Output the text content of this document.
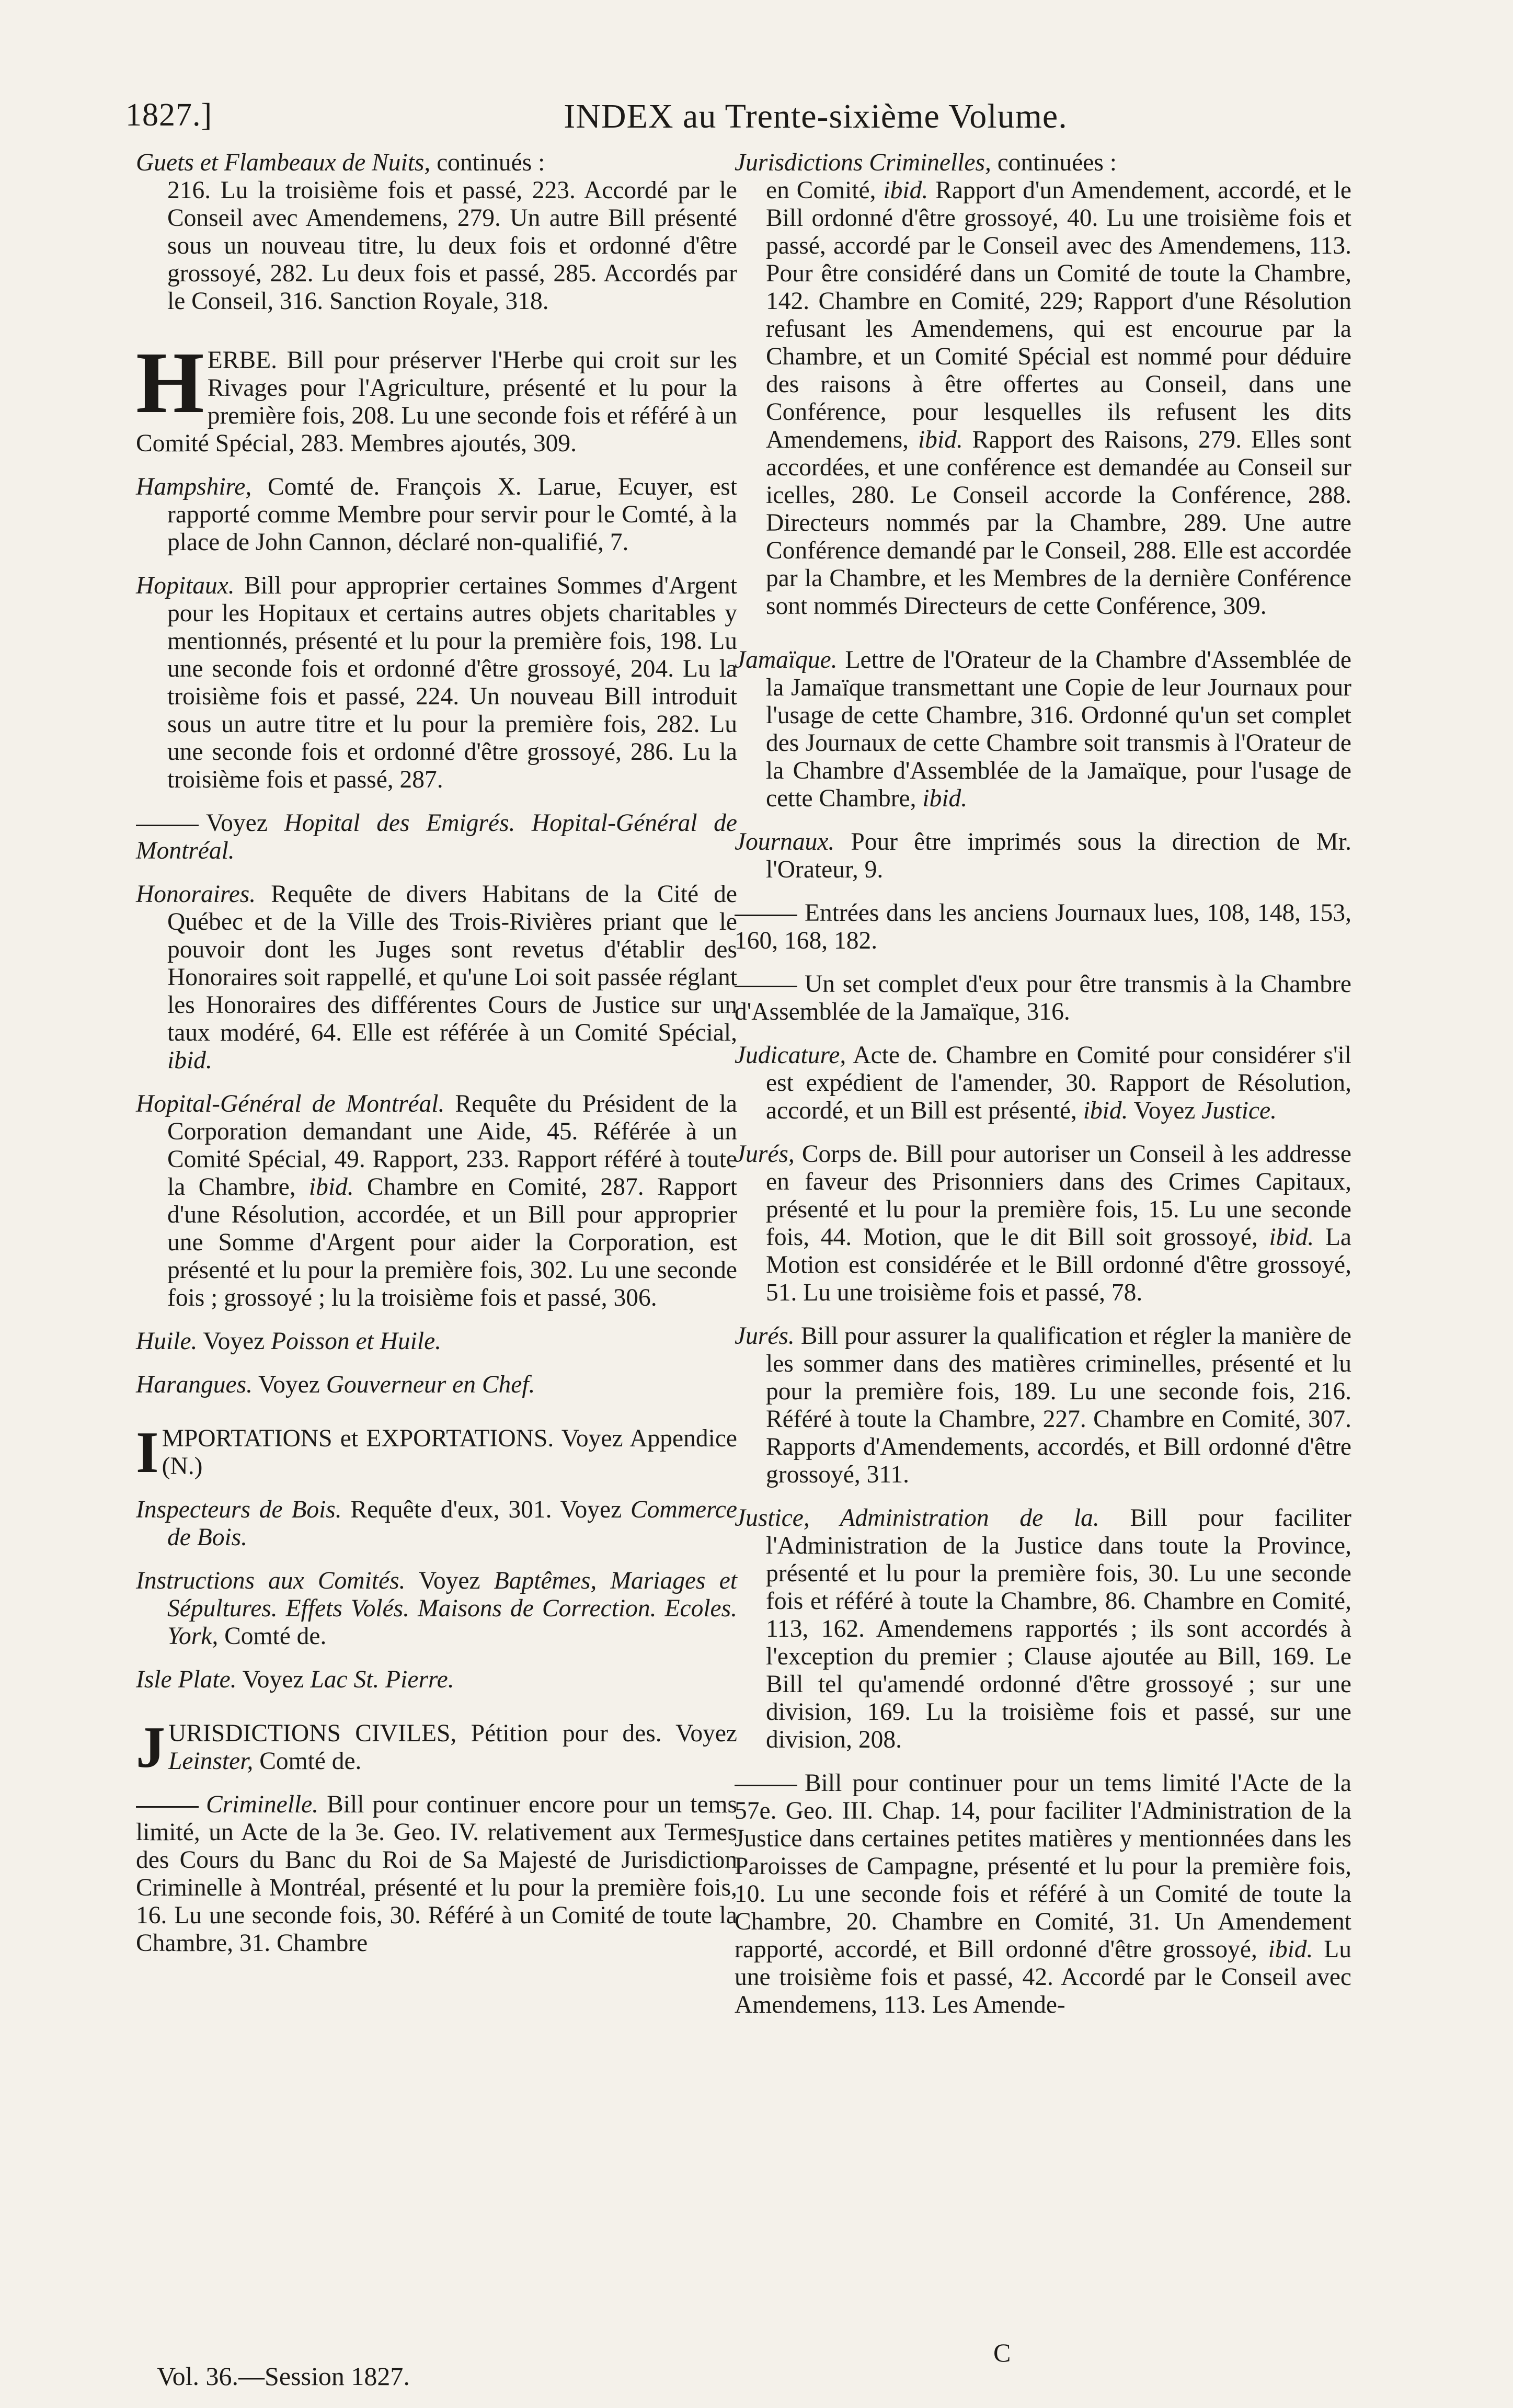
1827.]	INDEX au Trente-sixième Volume.

Guets et Flambeaux de Nuits, continués :
216. Lu la troisième fois et passé, 223. Accordé par le Conseil avec Amendemens, 279. Un autre Bill présenté sous un nouveau titre, lu deux fois et ordonné d'être grossoyé, 282. Lu deux fois et passé, 285. Accordés par le Conseil, 316. Sanction Royale, 318.

HERBE. Bill pour préserver l'Herbe qui croit sur les Rivages pour l'Agriculture, présenté et lu pour la première fois, 208. Lu une seconde fois et référé à un Comité Spécial, 283. Membres ajoutés, 309.

Hampshire, Comté de. François X. Larue, Ecuyer, est rapporté comme Membre pour servir pour le Comté, à la place de John Cannon, déclaré non-qualifié, 7.

Hopitaux. Bill pour approprier certaines Sommes d'Argent pour les Hopitaux et certains autres objets charitables y mentionnés, présenté et lu pour la première fois, 198. Lu une seconde fois et ordonné d'être grossoyé, 204. Lu la troisième fois et passé, 224. Un nouveau Bill introduit sous un autre titre et lu pour la première fois, 282. Lu une seconde fois et ordonné d'être grossoyé, 286. Lu la troisième fois et passé, 287.

Voyez Hopital des Emigrés. Hopital-Général de Montréal.

Honoraires. Requête de divers Habitans de la Cité de Québec et de la Ville des Trois-Rivières priant que le pouvoir dont les Juges sont revetus d'établir des Honoraires soit rappellé, et qu'une Loi soit passée réglant les Honoraires des différentes Cours de Justice sur un taux modéré, 64. Elle est référée à un Comité Spécial, ibid.

Hopital-Général de Montréal. Requête du Président de la Corporation demandant une Aide, 45. Référée à un Comité Spécial, 49. Rapport, 233. Rapport référé à toute la Chambre, ibid. Chambre en Comité, 287. Rapport d'une Résolution, accordée, et un Bill pour approprier une Somme d'Argent pour aider la Corporation, est présenté et lu pour la première fois, 302. Lu une seconde fois ; grossoyé ; lu la troisième fois et passé, 306.

Huile. Voyez Poisson et Huile.

Harangues. Voyez Gouverneur en Chef.

IMPORTATIONS et EXPORTATIONS. Voyez Appendice (N.)

Inspecteurs de Bois. Requête d'eux, 301. Voyez Commerce de Bois.

Instructions aux Comités. Voyez Baptêmes, Mariages et Sépultures. Effets Volés. Maisons de Correction. Ecoles. York, Comté de.

Isle Plate. Voyez Lac St. Pierre.

JURISDICTIONS CIVILES, Pétition pour des. Voyez Leinster, Comté de.

Criminelle. Bill pour continuer encore pour un tems limité, un Acte de la 3e. Geo. IV. relativement aux Termes des Cours du Banc du Roi de Sa Majesté de Jurisdiction Criminelle à Montréal, présenté et lu pour la première fois, 16. Lu une seconde fois, 30. Référé à un Comité de toute la Chambre, 31. Chambre

Jurisdictions Criminelles, continuées :
en Comité, ibid. Rapport d'un Amendement, accordé, et le Bill ordonné d'être grossoyé, 40. Lu une troisième fois et passé, accordé par le Conseil avec des Amendemens, 113. Pour être considéré dans un Comité de toute la Chambre, 142. Chambre en Comité, 229; Rapport d'une Résolution refusant les Amendemens, qui est encourue par la Chambre, et un Comité Spécial est nommé pour déduire des raisons à être offertes au Conseil, dans une Conférence, pour lesquelles ils refusent les dits Amendemens, ibid. Rapport des Raisons, 279. Elles sont accordées, et une conférence est demandée au Conseil sur icelles, 280. Le Conseil accorde la Conférence, 288. Directeurs nommés par la Chambre, 289. Une autre Conférence demandé par le Conseil, 288. Elle est accordée par la Chambre, et les Membres de la dernière Conférence sont nommés Directeurs de cette Conférence, 309.

Jamaïque. Lettre de l'Orateur de la Chambre d'Assemblée de la Jamaïque transmettant une Copie de leur Journaux pour l'usage de cette Chambre, 316. Ordonné qu'un set complet des Journaux de cette Chambre soit transmis à l'Orateur de la Chambre d'Assemblée de la Jamaïque, pour l'usage de cette Chambre, ibid.

Journaux. Pour être imprimés sous la direction de Mr. l'Orateur, 9.

Entrées dans les anciens Journaux lues, 108, 148, 153, 160, 168, 182.

Un set complet d'eux pour être transmis à la Chambre d'Assemblée de la Jamaïque, 316.

Judicature, Acte de. Chambre en Comité pour considérer s'il est expédient de l'amender, 30. Rapport de Résolution, accordé, et un Bill est présenté, ibid. Voyez Justice.

Jurés, Corps de. Bill pour autoriser un Conseil à les addresse en faveur des Prisonniers dans des Crimes Capitaux, présenté et lu pour la première fois, 15. Lu une seconde fois, 44. Motion, que le dit Bill soit grossoyé, ibid. La Motion est considérée et le Bill ordonné d'être grossoyé, 51. Lu une troisième fois et passé, 78.

Jurés. Bill pour assurer la qualification et régler la manière de les sommer dans des matières criminelles, présenté et lu pour la première fois, 189. Lu une seconde fois, 216. Référé à toute la Chambre, 227. Chambre en Comité, 307. Rapports d'Amendements, accordés, et Bill ordonné d'être grossoyé, 311.

Justice, Administration de la. Bill pour faciliter l'Administration de la Justice dans toute la Province, présenté et lu pour la première fois, 30. Lu une seconde fois et référé à toute la Chambre, 86. Chambre en Comité, 113, 162. Amendemens rapportés ; ils sont accordés à l'exception du premier ; Clause ajoutée au Bill, 169. Le Bill tel qu'amendé ordonné d'être grossoyé ; sur une division, 169. Lu la troisième fois et passé, sur une division, 208.

Bill pour continuer pour un tems limité l'Acte de la 57e. Geo. III. Chap. 14, pour faciliter l'Administration de la Justice dans certaines petites matières y mentionnées dans les Paroisses de Campagne, présenté et lu pour la première fois, 10. Lu une seconde fois et référé à un Comité de toute la Chambre, 20. Chambre en Comité, 31. Un Amendement rapporté, accordé, et Bill ordonné d'être grossoyé, ibid. Lu une troisième fois et passé, 42. Accordé par le Conseil avec Amendemens, 113. Les Amende-

C
Vol. 36.—Session 1827.
